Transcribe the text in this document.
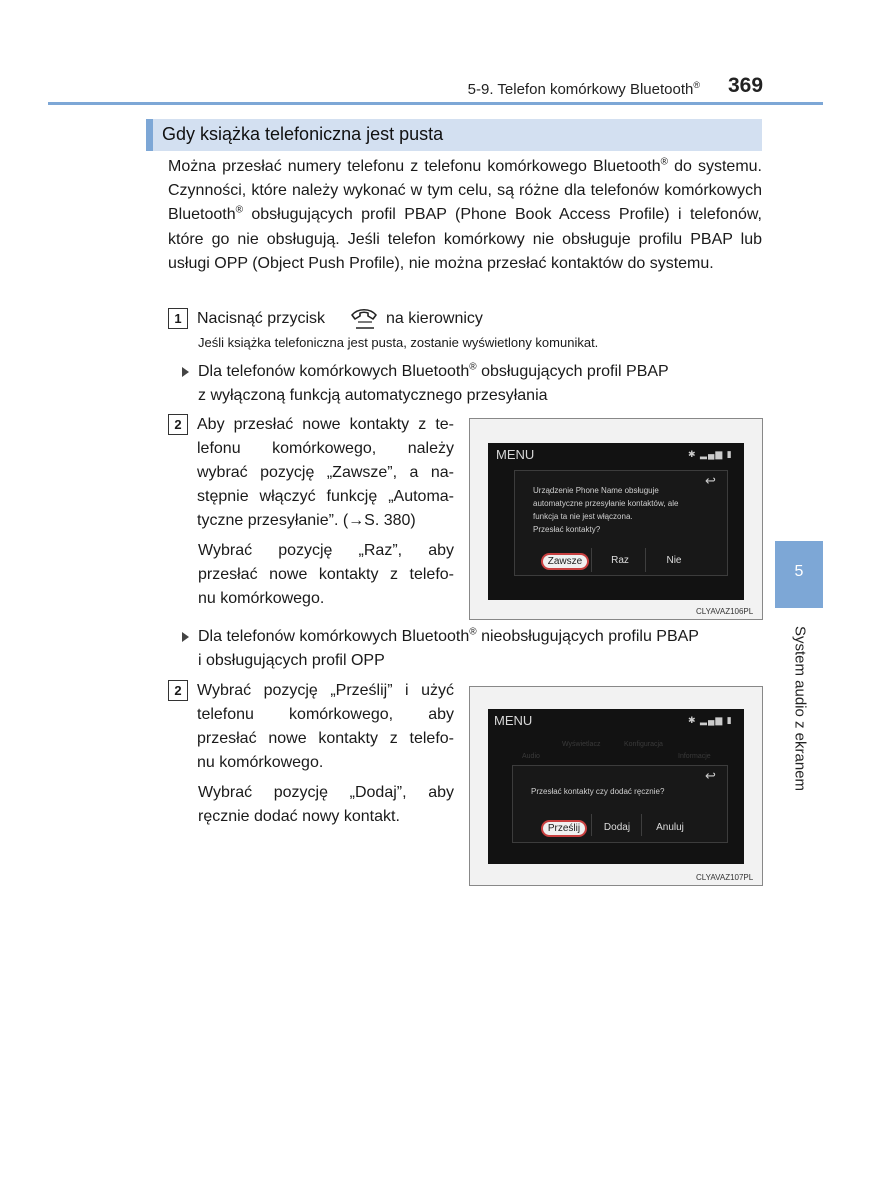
5-9. Telefon komórkowy Bluetooth® 369
Gdy książka telefoniczna jest pusta
Można przesłać numery telefonu z telefonu komórkowego Bluetooth® do systemu. Czynności, które należy wykonać w tym celu, są różne dla telefonów komórkowych Bluetooth® obsługujących profil PBAP (Phone Book Access Profile) i telefonów, które go nie obsługują. Jeśli telefon komórkowy nie obsługuje profilu PBAP lub usługi OPP (Object Push Profile), nie można przesłać kontaktów do systemu.
1 Nacisnąć przycisk	na kierownicy
Jeśli książka telefoniczna jest pusta, zostanie wyświetlony komunikat.
Dla telefonów komórkowych Bluetooth® obsługujących profil PBAP
z wyłączoną funkcją automatycznego przesyłania
2 Aby przesłać nowe kontakty z te-
lefonu komórkowego, należy
wybrać pozycję „Zawsze”, a na-
stępnie włączyć funkcję „Automa-
tyczne przesyłanie”. (→S. 380)
Wybrać pozycję „Raz”, aby
przesłać nowe kontakty z telefo-
nu komórkowego.
MENU	✱ ▂▄▆ ▮
↩
Urządzenie Phone Name obsługuje
automatyczne przesyłanie kontaktów, ale
funkcja ta nie jest włączona.
Przesłać kontakty?
Zawsze	Raz	Nie
CLYAVAZ106PL
Dla telefonów komórkowych Bluetooth® nieobsługujących profilu PBAP
i obsługujących profil OPP
2 Wybrać pozycję „Prześlij” i użyć
telefonu komórkowego, aby
przesłać nowe kontakty z telefo-
nu komórkowego.
Wybrać pozycję „Dodaj”, aby
ręcznie dodać nowy kontakt.
MENU	✱ ▂▄▆ ▮
Audio
Wyświetlacz	Konfiguracja
Informacje
↩
Przesłać kontakty czy dodać ręcznie?
Prześlij	Dodaj	Anuluj
CLYAVAZ107PL
5
System audio z ekranem
